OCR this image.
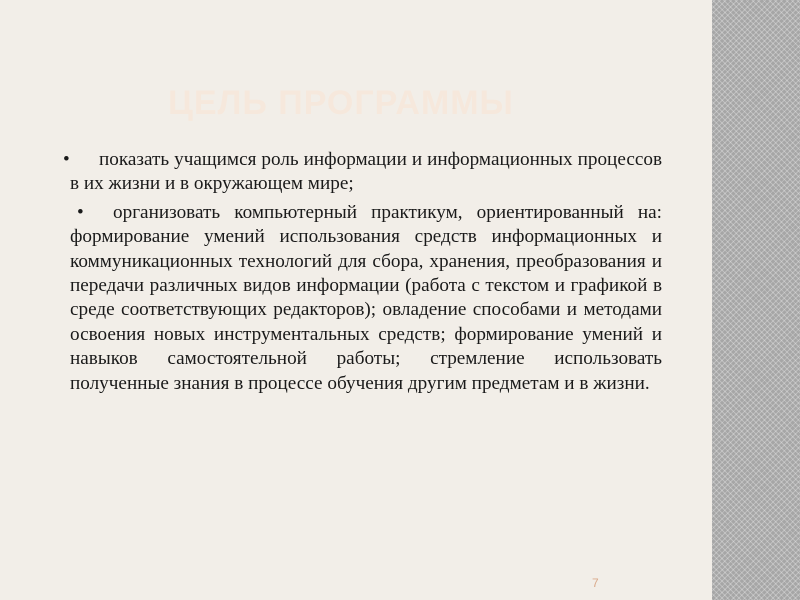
ЦЕЛЬ ПРОГРАММЫ

• показать учащимся роль информации и информационных процессов в их жизни и в окружающем мире;

• организовать компьютерный практикум, ориентированный на: формирование умений использования средств информационных и коммуникационных технологий для сбора, хранения, преобразования и передачи различных видов информации (работа с текстом и графикой в среде соответствующих редакторов); овладение способами и методами освоения новых инструментальных средств; формирование умений и навыков самостоятельной работы; стремление использовать полученные знания в процессе обучения другим предметам и в жизни.

7
